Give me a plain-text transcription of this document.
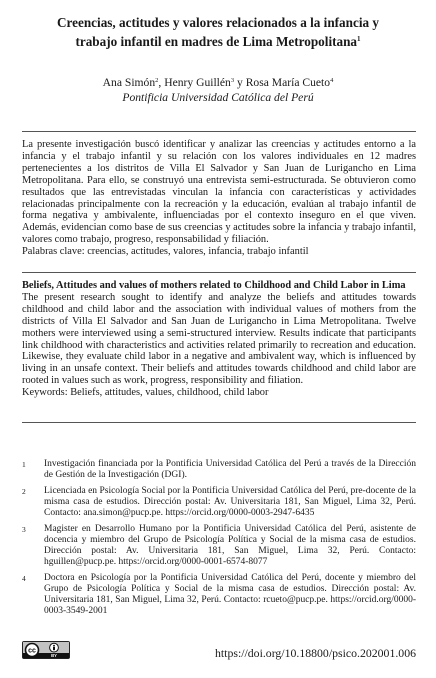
Creencias, actitudes y valores relacionados a la infancia y
trabajo infantil en madres de Lima Metropolitana$^1$
Ana Simón$^2$, Henry Guillén$^3$ y Rosa María Cueto$^4$
Pontificia Universidad Católica del Perú

La presente investigación buscó identificar y analizar las creencias y actitudes entorno a la infancia y el trabajo infantil y su relación con los valores individuales en 12 madres pertenecientes a los distritos de Villa El Salvador y San Juan de Lurigancho en Lima Metropolitana. Para ello, se construyó una entrevista semi-estructurada. Se obtuvieron como resultados que las entrevistadas vinculan la infancia con características y actividades relacionadas principalmente con la recreación y la educación, evalúan al trabajo infantil de forma negativa y ambivalente, influenciadas por el contexto inseguro en el que viven. Además, evidencian como base de sus creencias y actitudes sobre la infancia y trabajo infantil, valores como trabajo, progreso, responsabilidad y filiación.

Palabras clave: creencias, actitudes, valores, infancia, trabajo infantil

Beliefs, Attitudes and values of mothers related to Childhood and Child Labor in Lima

The present research sought to identify and analyze the beliefs and attitudes towards childhood and child labor and the association with individual values of mothers from the districts of Villa El Salvador and San Juan de Lurigancho in Lima Metropolitana. Twelve mothers were interviewed using a semi-structured interview. Results indicate that participants link childhood with characteristics and activities related primarily to recreation and education. Likewise, they evaluate child labor in a negative and ambivalent way, which is influenced by living in an unsafe context. Their beliefs and attitudes towards childhood and child labor are rooted in values such as work, progress, responsibility and filiation.

Keywords: Beliefs, attitudes, values, childhood, child labor

1	Investigación financiada por la Pontificia Universidad Católica del Perú a través de la Dirección de Gestión de la Investigación (DGI).
2	Licenciada en Psicología Social por la Pontificia Universidad Católica del Perú, pre-docente de la misma casa de estudios. Dirección postal: Av. Universitaria 181, San Miguel, Lima 32, Perú. Contacto: ana.simon@pucp.pe. https://orcid.org/0000-0003-2947-6435
3	Magister en Desarrollo Humano por la Pontificia Universidad Católica del Perú, asistente de docencia y miembro del Grupo de Psicología Política y Social de la misma casa de estudios. Dirección postal: Av. Universitaria 181, San Miguel, Lima 32, Perú. Contacto: hguillen@pucp.pe. https://orcid.org/0000-0001-6574-8077
4	Doctora en Psicología por la Pontificia Universidad Católica del Perú, docente y miembro del Grupo de Psicología Política y Social de la misma casa de estudios. Dirección postal: Av. Universitaria 181, San Miguel, Lima 32, Perú. Contacto: rcueto@pucp.pe. https://orcid.org/0000-0003-3549-2001
cc
BY	https://doi.org/10.18800/psico.202001.006
